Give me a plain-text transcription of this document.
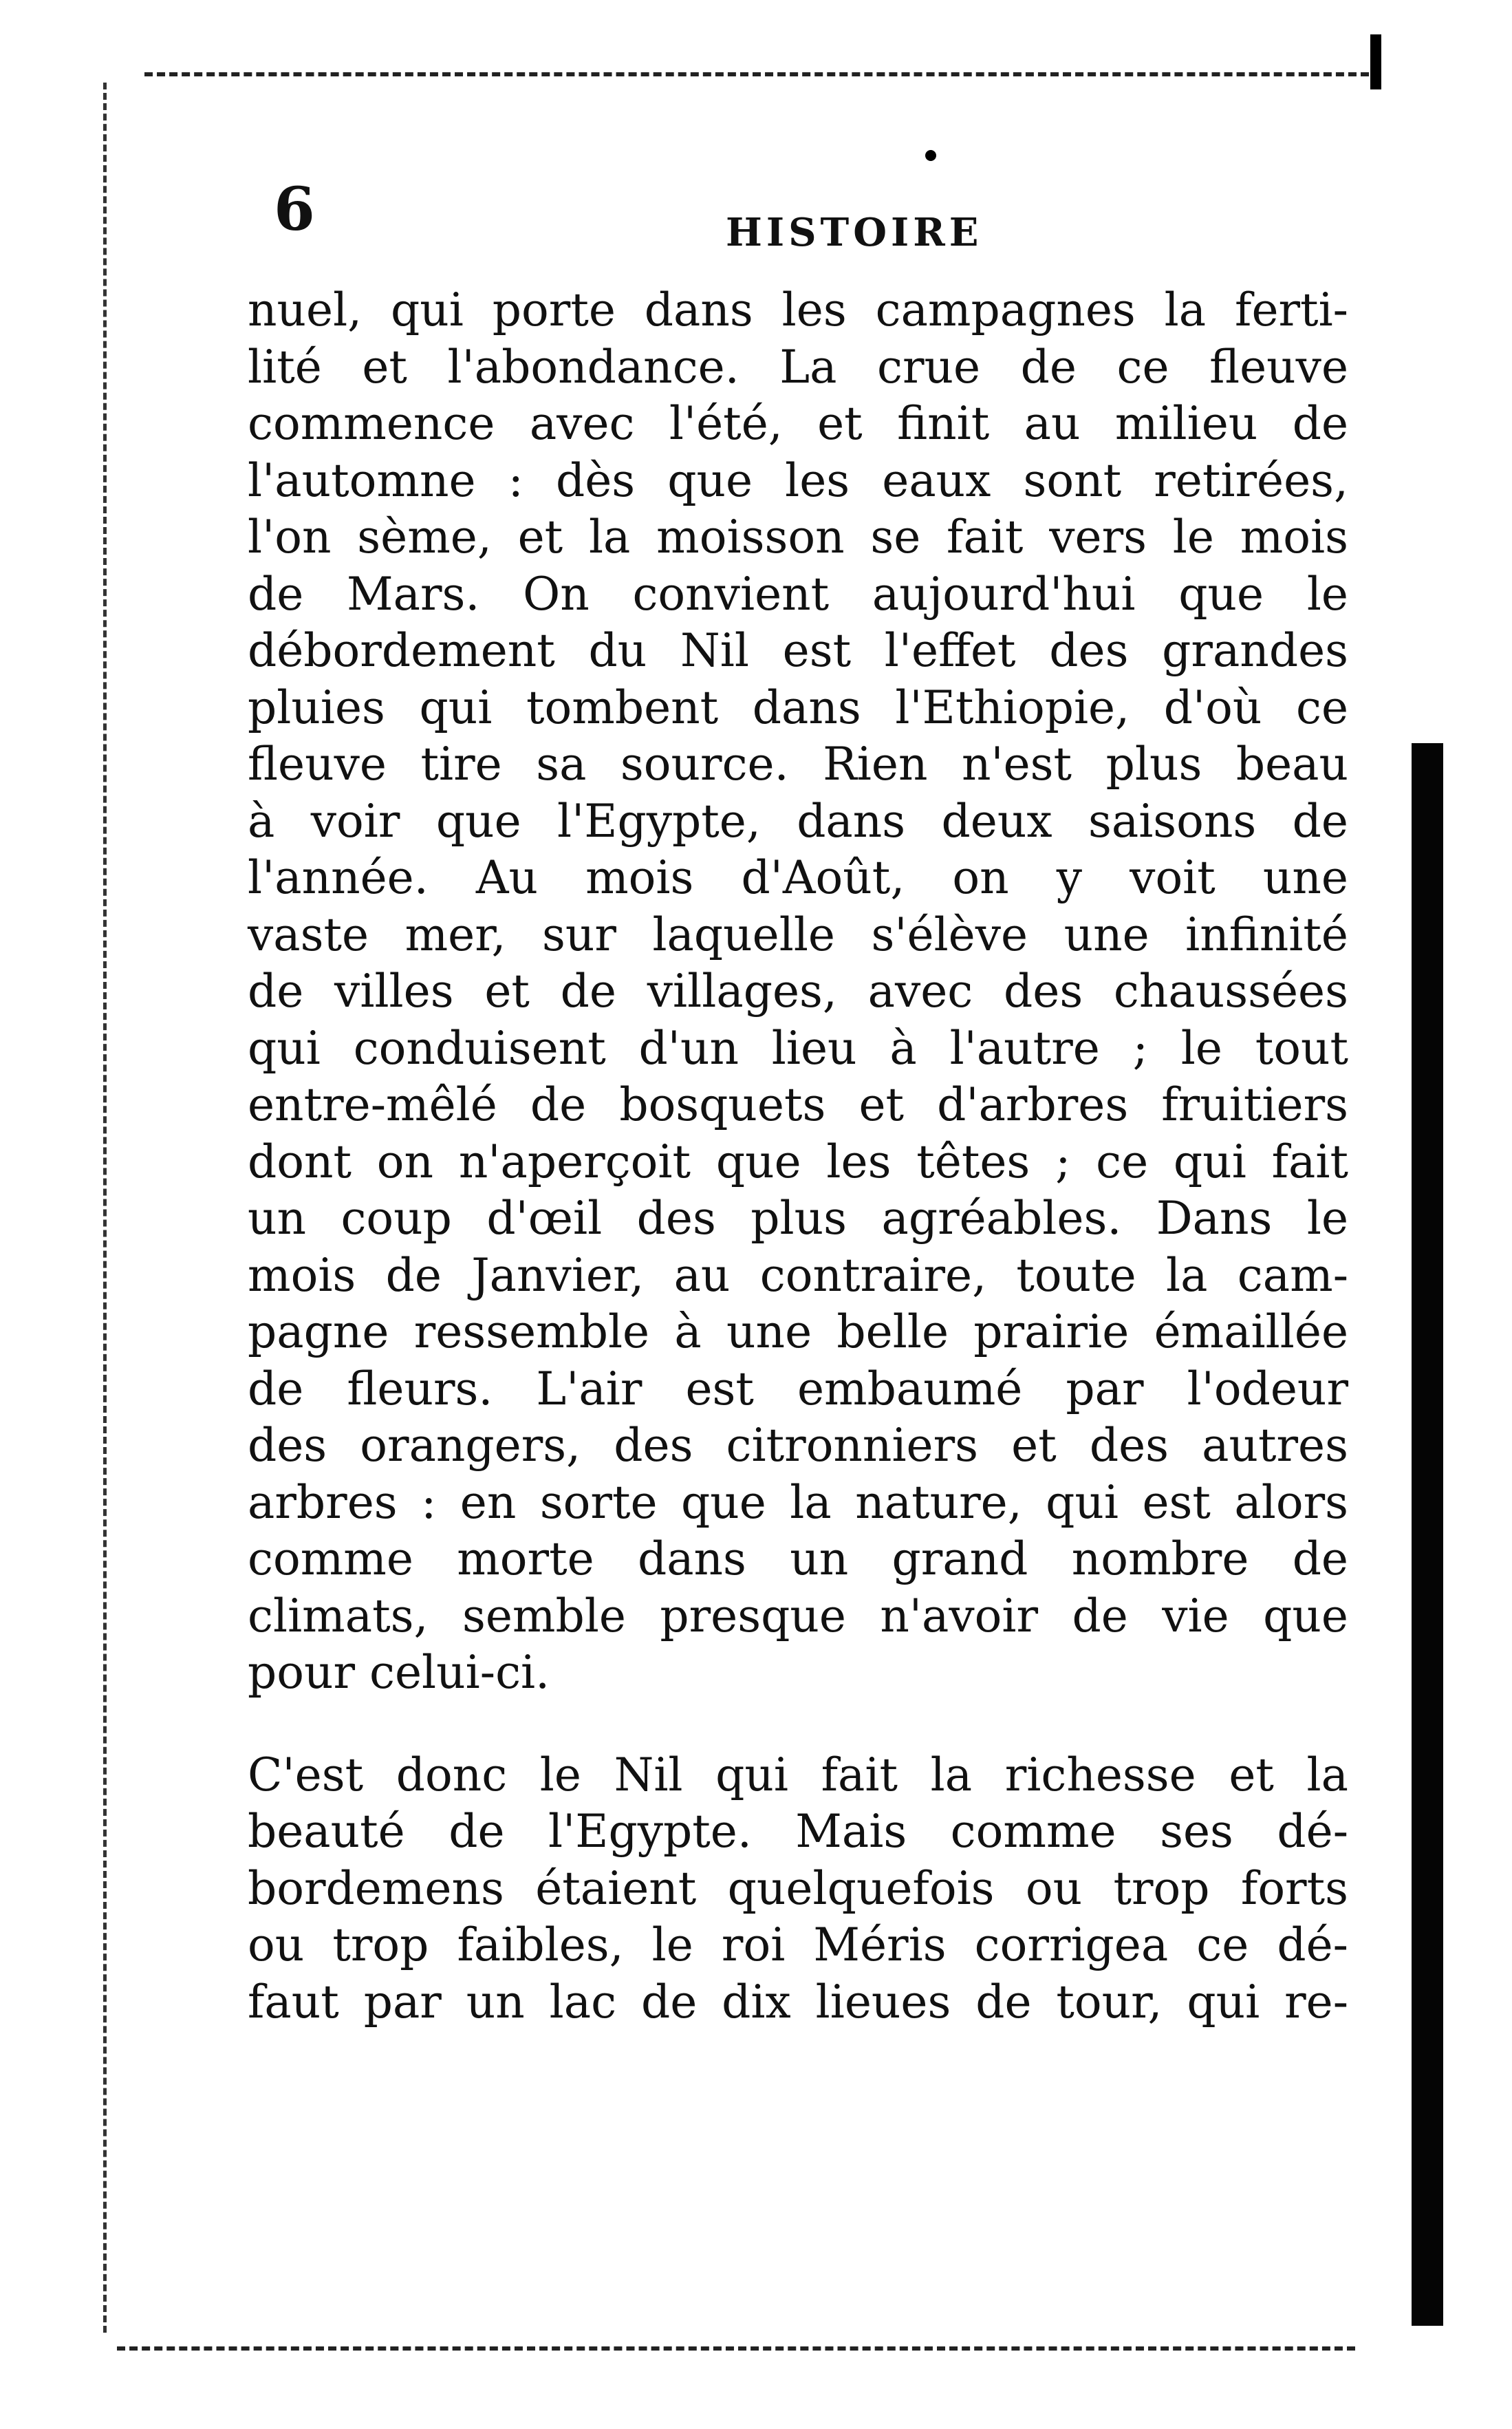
6	HISTOIRE
nuel, qui porte dans les campagnes la ferti-
lité et l'abondance. La crue de ce fleuve
commence avec l'été, et finit au milieu de
l'automne : dès que les eaux sont retirées,
l'on sème, et la moisson se fait vers le mois
de Mars. On convient aujourd'hui que le
débordement du Nil est l'effet des grandes
pluies qui tombent dans l'Ethiopie, d'où ce
fleuve tire sa source. Rien n'est plus beau
à voir que l'Egypte, dans deux saisons de
l'année. Au mois d'Août, on y voit une
vaste mer, sur laquelle s'élève une infinité
de villes et de villages, avec des chaussées
qui conduisent d'un lieu à l'autre ; le tout
entre-mêlé de bosquets et d'arbres fruitiers
dont on n'aperçoit que les têtes ; ce qui fait
un coup d'œil des plus agréables. Dans le
mois de Janvier, au contraire, toute la cam-
pagne ressemble à une belle prairie émaillée
de fleurs. L'air est embaumé par l'odeur
des orangers, des citronniers et des autres
arbres : en sorte que la nature, qui est alors
comme morte dans un grand nombre de
climats, semble presque n'avoir de vie que
pour celui-ci.
C'est donc le Nil qui fait la richesse et la
beauté de l'Egypte. Mais comme ses dé-
bordemens étaient quelquefois ou trop forts
ou trop faibles, le roi Méris corrigea ce dé-
faut par un lac de dix lieues de tour, qui re-
